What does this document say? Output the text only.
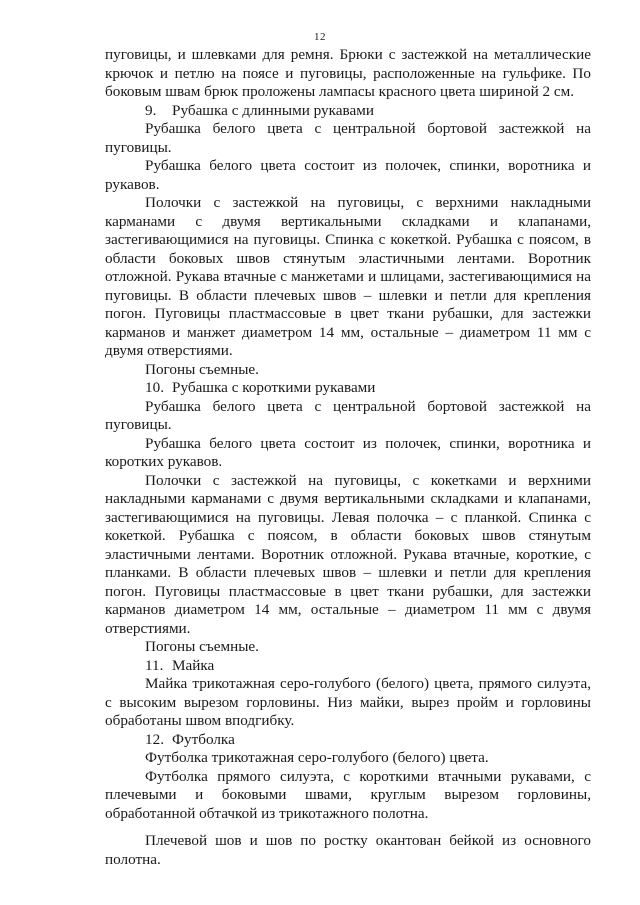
12

пуговицы, и шлевками для ремня. Брюки с застежкой на металлические крючок и петлю на поясе и пуговицы, расположенные на гульфике. По боковым швам брюк проложены лампасы красного цвета шириной 2 см.

9. Рубашка с длинными рукавами

Рубашка белого цвета с центральной бортовой застежкой на пуговицы.

Рубашка белого цвета состоит из полочек, спинки, воротника и рукавов.

Полочки с застежкой на пуговицы, с верхними накладными карманами с двумя вертикальными складками и клапанами, застегивающимися на пуговицы. Спинка с кокеткой. Рубашка с поясом, в области боковых швов стянутым эластичными лентами. Воротник отложной. Рукава втачные с манжетами и шлицами, застегивающимися на пуговицы. В области плечевых швов – шлевки и петли для крепления погон. Пуговицы пластмассовые в цвет ткани рубашки, для застежки карманов и манжет диаметром 14 мм, остальные – диаметром 11 мм с двумя отверстиями.

Погоны съемные.

10. Рубашка с короткими рукавами

Рубашка белого цвета с центральной бортовой застежкой на пуговицы.

Рубашка белого цвета состоит из полочек, спинки, воротника и коротких рукавов.

Полочки с застежкой на пуговицы, с кокетками и верхними накладными карманами с двумя вертикальными складками и клапанами, застегивающимися на пуговицы. Левая полочка – с планкой. Спинка с кокеткой. Рубашка с поясом, в области боковых швов стянутым эластичными лентами. Воротник отложной. Рукава втачные, короткие, с планками. В области плечевых швов – шлевки и петли для крепления погон. Пуговицы пластмассовые в цвет ткани рубашки, для застежки карманов диаметром 14 мм, остальные – диаметром 11 мм с двумя отверстиями.

Погоны съемные.

11. Майка

Майка трикотажная серо-голубого (белого) цвета, прямого силуэта, с высоким вырезом горловины. Низ майки, вырез пройм и горловины обработаны швом вподгибку.

12. Футболка

Футболка трикотажная серо-голубого (белого) цвета.

Футболка прямого силуэта, с короткими втачными рукавами, с плечевыми и боковыми швами, круглым вырезом горловины, обработанной обтачкой из трикотажного полотна.

Плечевой шов и шов по ростку окантован бейкой из основного полотна.
